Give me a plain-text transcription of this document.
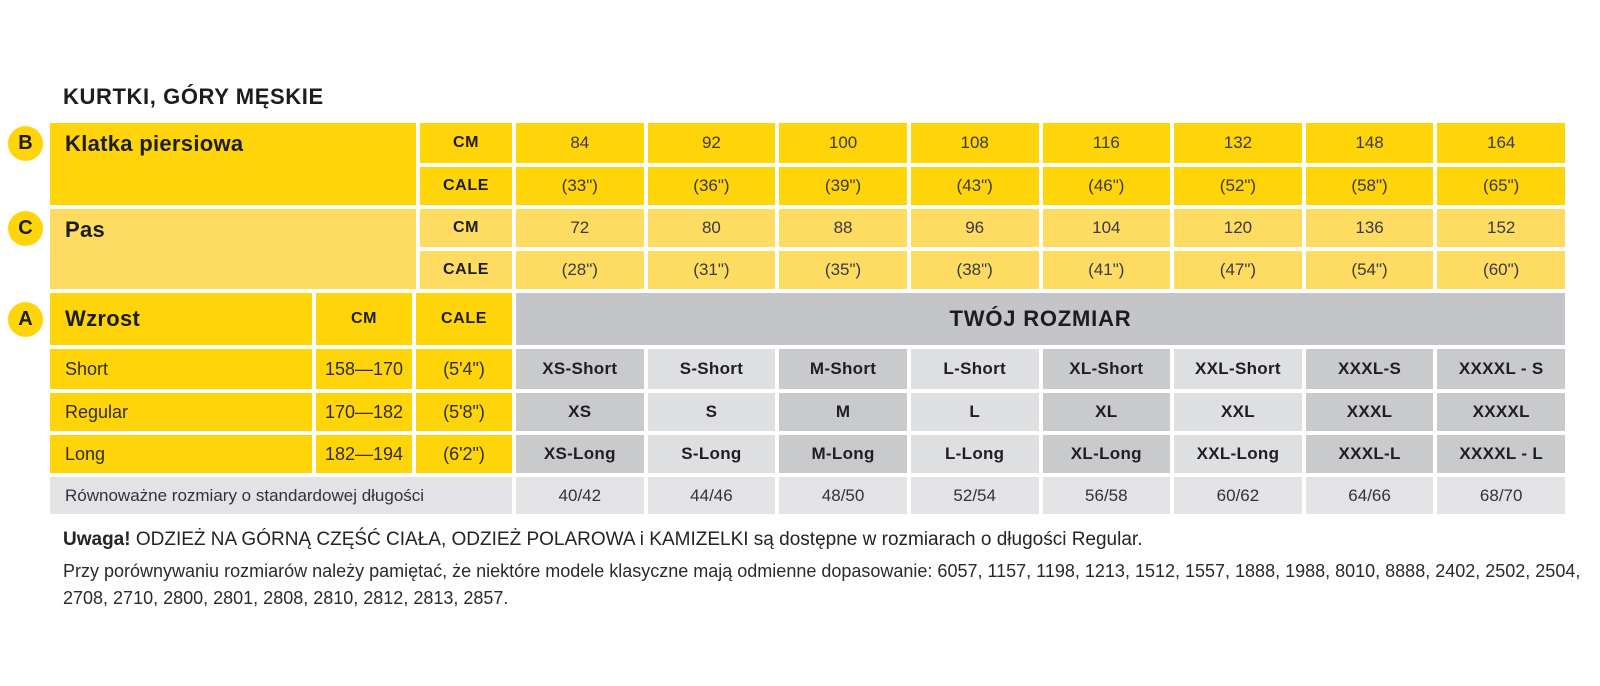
KURTKI, GÓRY MĘSKIE
B
C
A
Klatka piersiowa	CM	84	92	100	108	116	132	148	164
CALE	(33")	(36")	(39")	(43")	(46")	(52")	(58")	(65")
Pas	CM	72	80	88	96	104	120	136	152
CALE	(28")	(31")	(35")	(38")	(41")	(47")	(54")	(60")
Wzrost	CM	CALE	TWÓJ ROZMIAR
Short	158—170	(5'4")	XS-Short	S-Short	M-Short	L-Short	XL-Short	XXL-Short	XXXL-S	XXXXL - S
Regular	170—182	(5'8")	XS	S	M	L	XL	XXL	XXXL	XXXXL
Long	182—194	(6'2")	XS-Long	S-Long	M-Long	L-Long	XL-Long	XXL-Long	XXXL-L	XXXXL - L
Równoważne rozmiary o standardowej długości	40/42	44/46	48/50	52/54	56/58	60/62	64/66	68/70

Uwaga! ODZIEŻ NA GÓRNĄ CZĘŚĆ CIAŁA, ODZIEŻ POLAROWA i KAMIZELKI są dostępne w rozmiarach o długości Regular.

Przy porównywaniu rozmiarów należy pamiętać, że niektóre modele klasyczne mają odmienne dopasowanie: 6057, 1157, 1198, 1213, 1512, 1557, 1888, 1988, 8010, 8888, 2402, 2502, 2504, 2708, 2710, 2800, 2801, 2808, 2810, 2812, 2813, 2857.
